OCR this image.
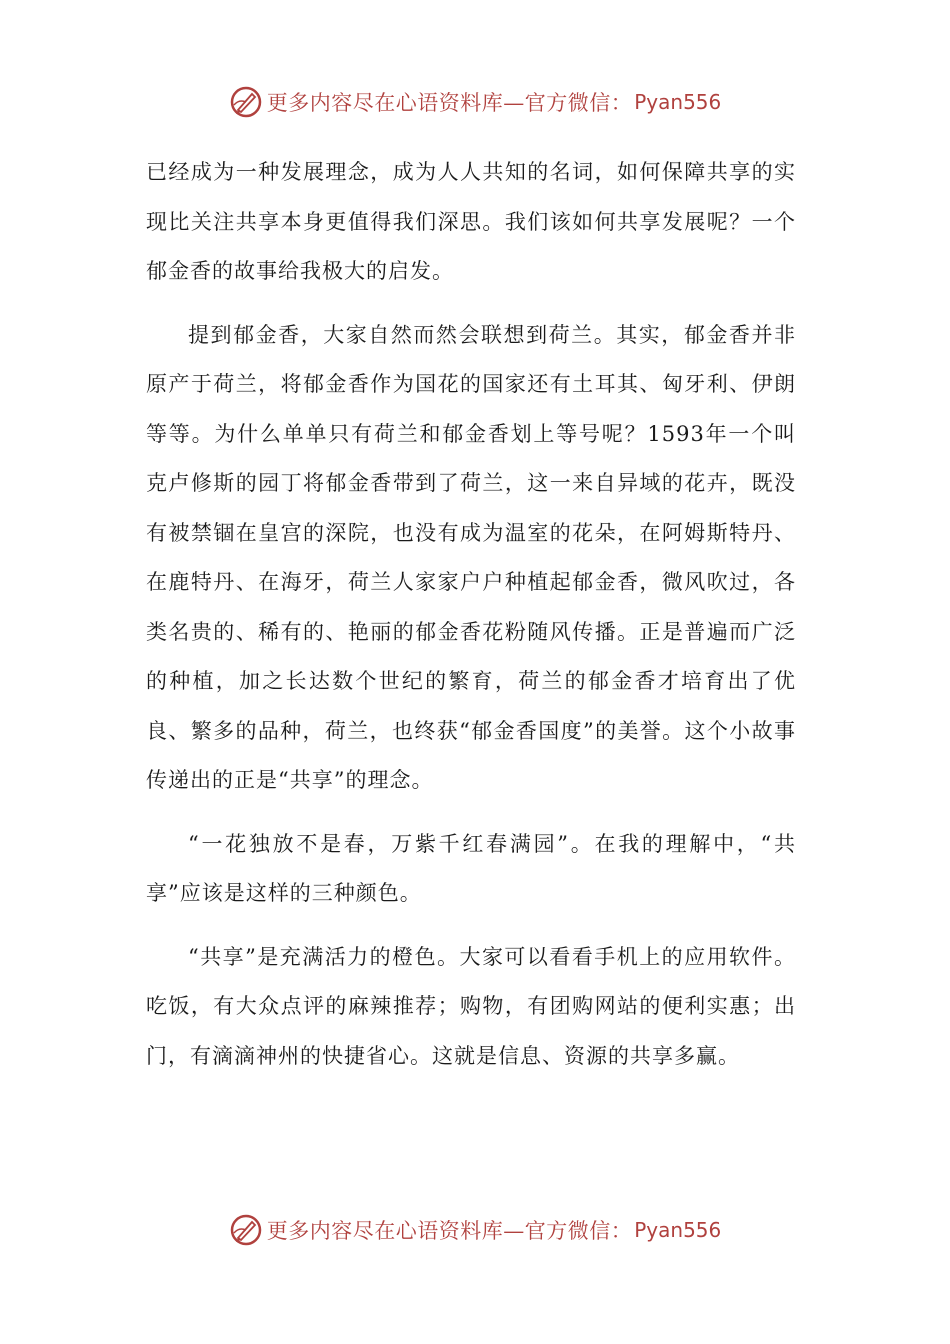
更多内容尽在心语资料库—官方微信： Pyan556

已经成为一种发展理念，成为人人共知的名词，如何保障共享的实现比关注共享本身更值得我们深思。我们该如何共享发展呢？一个郁金香的故事给我极大的启发。

提到郁金香，大家自然而然会联想到荷兰。其实，郁金香并非原产于荷兰，将郁金香作为国花的国家还有土耳其、匈牙利、伊朗等等。为什么单单只有荷兰和郁金香划上等号呢？1593年一个叫克卢修斯的园丁将郁金香带到了荷兰，这一来自异域的花卉，既没有被禁锢在皇宫的深院，也没有成为温室的花朵，在阿姆斯特丹、在鹿特丹、在海牙，荷兰人家家户户种植起郁金香，微风吹过，各类名贵的、稀有的、艳丽的郁金香花粉随风传播。正是普遍而广泛的种植，加之长达数个世纪的繁育，荷兰的郁金香才培育出了优良、繁多的品种，荷兰，也终获“郁金香国度”的美誉。这个小故事传递出的正是“共享”的理念。

“一花独放不是春，万紫千红春满园”。在我的理解中，“共享”应该是这样的三种颜色。

“共享”是充满活力的橙色。大家可以看看手机上的应用软件。吃饭，有大众点评的麻辣推荐；购物，有团购网站的便利实惠；出门，有滴滴神州的快捷省心。这就是信息、资源的共享多赢。

更多内容尽在心语资料库—官方微信： Pyan556
